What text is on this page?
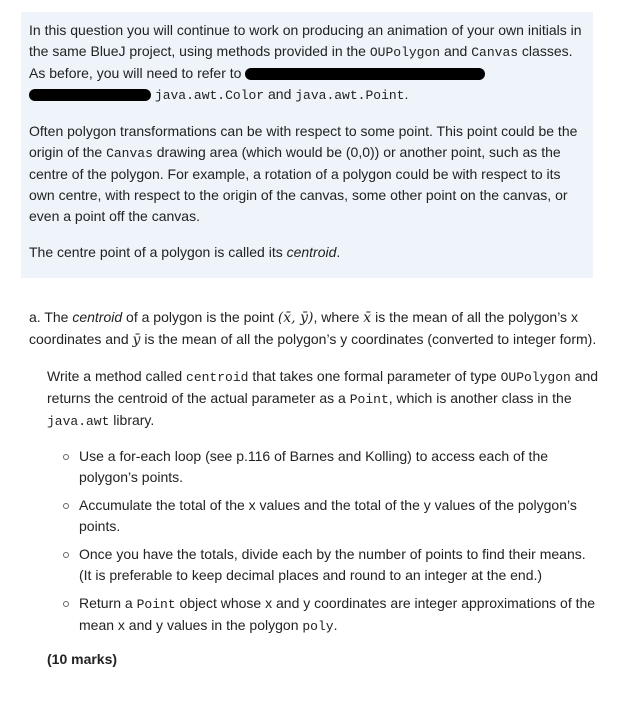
In this question you will continue to work on producing an animation of your own initials in the same BlueJ project, using methods provided in the OUPolygon and Canvas classes. As before, you will need to refer to
java.awt.Color and java.awt.Point.

Often polygon transformations can be with respect to some point. This point could be the origin of the Canvas drawing area (which would be (0,0)) or another point, such as the centre of the polygon. For example, a rotation of a polygon could be with respect to its own centre, with respect to the origin of the canvas, some other point on the canvas, or even a point off the canvas.

The centre point of a polygon is called its centroid.

a. The centroid of a polygon is the point (x̄, ȳ), where x̄ is the mean of all the polygon’s x coordinates and ȳ is the mean of all the polygon’s y coordinates (converted to integer form).

Write a method called centroid that takes one formal parameter of type OUPolygon and returns the centroid of the actual parameter as a Point, which is another class in the java.awt library.

Use a for-each loop (see p.116 of Barnes and Kolling) to access each of the polygon’s points.
Accumulate the total of the x values and the total of the y values of the polygon’s points.
Once you have the totals, divide each by the number of points to find their means. (It is preferable to keep decimal places and round to an integer at the end.)
Return a Point object whose x and y coordinates are integer approximations of the mean x and y values in the polygon poly.

(10 marks)
